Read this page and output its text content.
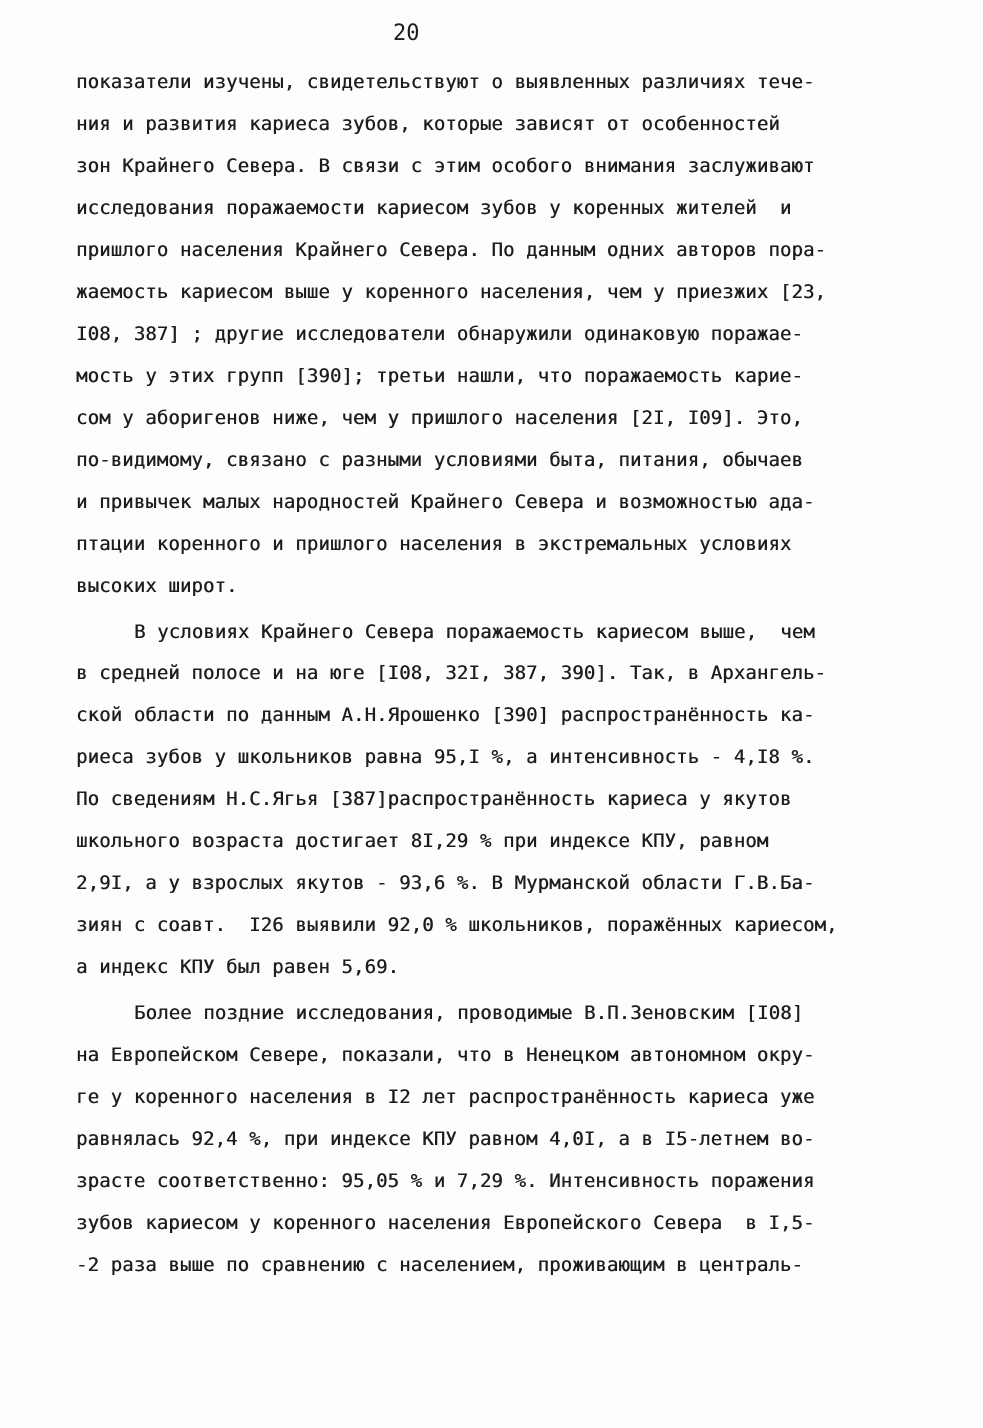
20
показатели изучены, свидетельствуют о выявленных различиях тече-
ния и развития кариеса зубов, которые зависят от особенностей
зон Крайнего Севера. В связи с этим особого внимания заслуживают
исследования поражаемости кариесом зубов у коренных жителей  и
пришлого населения Крайнего Севера. По данным одних авторов пора-
жаемость кариесом выше у коренного населения, чем у приезжих [23,
I08, 387] ; другие исследователи обнаружили одинаковую поражае-
мость у этих групп [390]; третьи нашли, что поражаемость карие-
сом у аборигенов ниже, чем у пришлого населения [2I, I09]. Это,
по-видимому, связано с разными условиями быта, питания, обычаев
и привычек малых народностей Крайнего Севера и возможностью ада-
птации коренного и пришлого населения в экстремальных условиях
высоких широт.
В условиях Крайнего Севера поражаемость кариесом выше,  чем
в средней полосе и на юге [I08, 32I, 387, 390]. Так, в Архангель-
ской области по данным А.Н.Ярошенко [390] распространённость ка-
риеса зубов у школьников равна 95,I %, а интенсивность - 4,I8 %.
По сведениям Н.С.Ягья [387]распространённость кариеса у якутов
школьного возраста достигает 8I,29 % при индексе КПУ, равном
2,9I, а у взрослых якутов - 93,6 %. В Мурманской области Г.В.Ба-
зиян с соавт.  I26 выявили 92,0 % школьников, поражённых кариесом,
а индекс КПУ был равен 5,69.
Более поздние исследования, проводимые В.П.Зеновским [I08]
на Европейском Севере, показали, что в Ненецком автономном окру-
ге у коренного населения в I2 лет распространённость кариеса уже
равнялась 92,4 %, при индексе КПУ равном 4,0I, а в I5-летнем во-
зрасте соответственно: 95,05 % и 7,29 %. Интенсивность поражения
зубов кариесом у коренного населения Европейского Севера  в I,5-
-2 раза выше по сравнению с населением, проживающим в централь-
